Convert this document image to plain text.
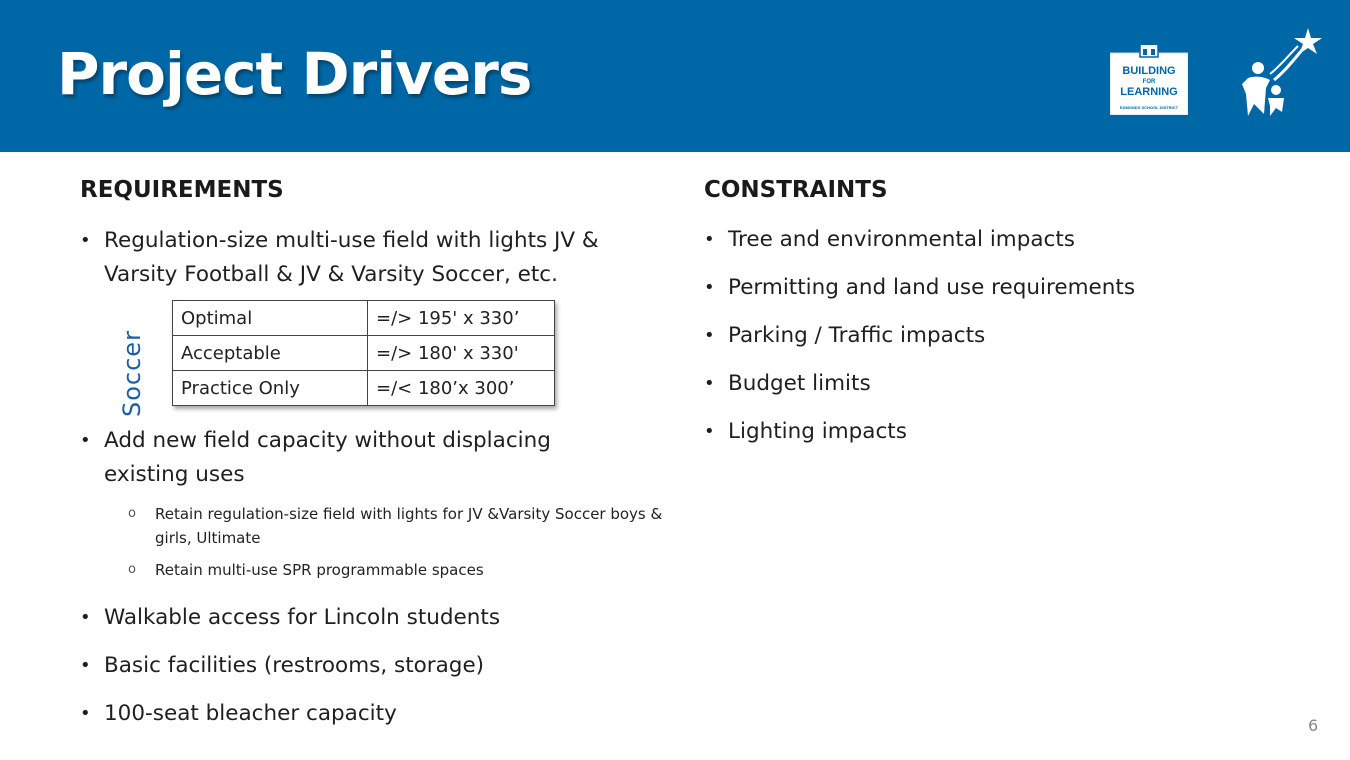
Project Drivers	BUILDING
FOR
LEARNING
EDMONDS SCHOOL DISTRICT
REQUIREMENTS
• Regulation-size multi-use field with lights JV & Varsity Football & JV & Varsity Soccer, etc.
Soccer
Optimal	=/> 195' x 330’
Acceptable	=/> 180' x 330'
Practice Only	=/< 180’x 300’
• Add new field capacity without displacing existing uses
o Retain regulation-size field with lights for JV &Varsity Soccer boys & girls, Ultimate
o Retain multi-use SPR programmable spaces
• Walkable access for Lincoln students
• Basic facilities (restrooms, storage)
• 100-seat bleacher capacity
CONSTRAINTS
• Tree and environmental impacts
• Permitting and land use requirements
• Parking / Traffic impacts
• Budget limits
• Lighting impacts
6
